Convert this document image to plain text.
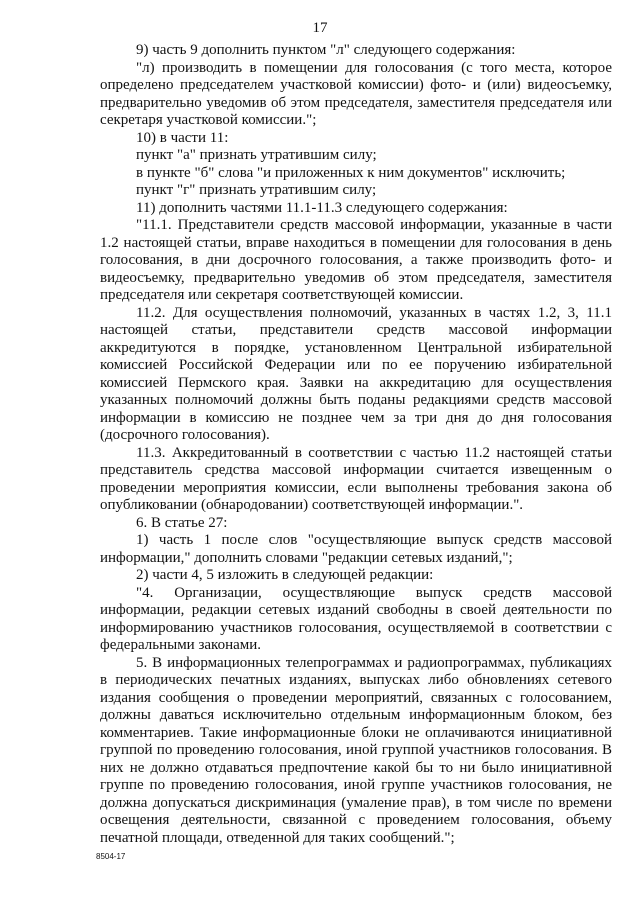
17

9) часть 9 дополнить пунктом "л" следующего содержания:

"л) производить в помещении для голосования (с того места, которое определено председателем участковой комиссии) фото- и (или) видеосъемку, предварительно уведомив об этом председателя, заместителя председателя или секретаря участковой комиссии.";

10) в части 11:

пункт "а" признать утратившим силу;

в пункте "б" слова "и приложенных к ним документов" исключить;

пункт "г" признать утратившим силу;

11) дополнить частями 11.1-11.3 следующего содержания:

"11.1. Представители средств массовой информации, указанные в части 1.2 настоящей статьи, вправе находиться в помещении для голосования в день голосования, в дни досрочного голосования, а также производить фото- и видеосъемку, предварительно уведомив об этом председателя, заместителя председателя или секретаря соответствующей комиссии.

11.2. Для осуществления полномочий, указанных в частях 1.2, 3, 11.1 настоящей статьи, представители средств массовой информации аккредитуются в порядке, установленном Центральной избирательной комиссией Российской Федерации или по ее поручению избирательной комиссией Пермского края. Заявки на аккредитацию для осуществления указанных полномочий должны быть поданы редакциями средств массовой информации в комиссию не позднее чем за три дня до дня голосования (досрочного голосования).

11.3. Аккредитованный в соответствии с частью 11.2 настоящей статьи представитель средства массовой информации считается извещенным о проведении мероприятия комиссии, если выполнены требования закона об опубликовании (обнародовании) соответствующей информации.".

6. В статье 27:

1) часть 1 после слов "осуществляющие выпуск средств массовой информации," дополнить словами "редакции сетевых изданий,";

2) части 4, 5 изложить в следующей редакции:

"4. Организации, осуществляющие выпуск средств массовой информации, редакции сетевых изданий свободны в своей деятельности по информированию участников голосования, осуществляемой в соответствии с федеральными законами.

5. В информационных телепрограммах и радиопрограммах, публикациях в периодических печатных изданиях, выпусках либо обновлениях сетевого издания сообщения о проведении мероприятий, связанных с голосованием, должны даваться исключительно отдельным информационным блоком, без комментариев. Такие информационные блоки не оплачиваются инициативной группой по проведению голосования, иной группой участников голосования. В них не должно отдаваться предпочтение какой бы то ни было инициативной группе по проведению голосования, иной группе участников голосования, не должна допускаться дискриминация (умаление прав), в том числе по времени освещения деятельности, связанной с проведением голосования, объему печатной площади, отведенной для таких сообщений.";

8504-17
